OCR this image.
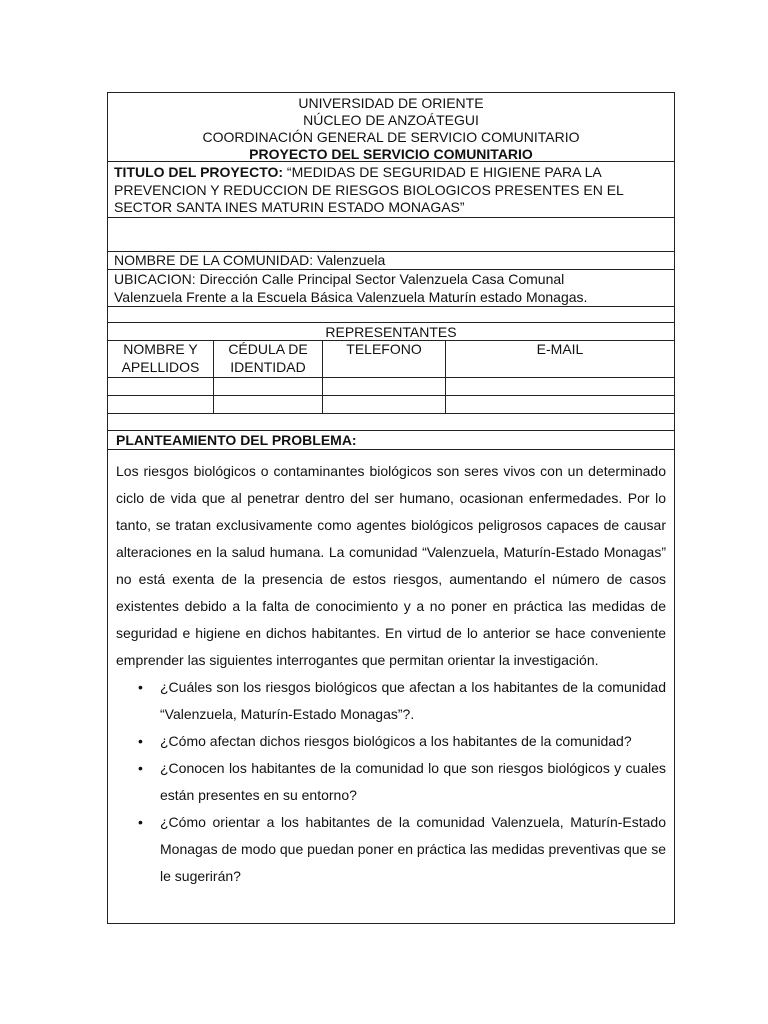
UNIVERSIDAD DE ORIENTE
NÚCLEO DE ANZOÁTEGUI
COORDINACIÓN GENERAL DE SERVICIO COMUNITARIO
PROYECTO DEL SERVICIO COMUNITARIO
TITULO DEL PROYECTO: “MEDIDAS DE SEGURIDAD E HIGIENE PARA LA
PREVENCION Y REDUCCION DE RIESGOS BIOLOGICOS PRESENTES EN EL
SECTOR SANTA INES MATURIN ESTADO MONAGAS”
NOMBRE DE LA COMUNIDAD: Valenzuela
UBICACION: Dirección Calle Principal Sector Valenzuela Casa Comunal
Valenzuela Frente a la Escuela Básica Valenzuela Maturín estado Monagas.
REPRESENTANTES
NOMBRE Y
APELLIDOS
CÉDULA DE
IDENTIDAD
TELEFONO	E-MAIL
PLANTEAMIENTO DEL PROBLEMA:

Los riesgos biológicos o contaminantes biológicos son seres vivos con un determinado ciclo de vida que al penetrar dentro del ser humano, ocasionan enfermedades. Por lo tanto, se tratan exclusivamente como agentes biológicos peligrosos capaces de causar alteraciones en la salud humana. La comunidad “Valenzuela, Maturín-Estado Monagas” no está exenta de la presencia de estos riesgos, aumentando el número de casos existentes debido a la falta de conocimiento y a no poner en práctica las medidas de seguridad e higiene en dichos habitantes. En virtud de lo anterior se hace conveniente emprender las siguientes interrogantes que permitan orientar la investigación.

• ¿Cuáles son los riesgos biológicos que afectan a los habitantes de la comunidad “Valenzuela, Maturín-Estado Monagas”?.
• ¿Cómo afectan dichos riesgos biológicos a los habitantes de la comunidad?
• ¿Conocen los habitantes de la comunidad lo que son riesgos biológicos y cuales están presentes en su entorno?
• ¿Cómo orientar a los habitantes de la comunidad Valenzuela, Maturín-Estado Monagas de modo que puedan poner en práctica las medidas preventivas que se le sugerirán?
